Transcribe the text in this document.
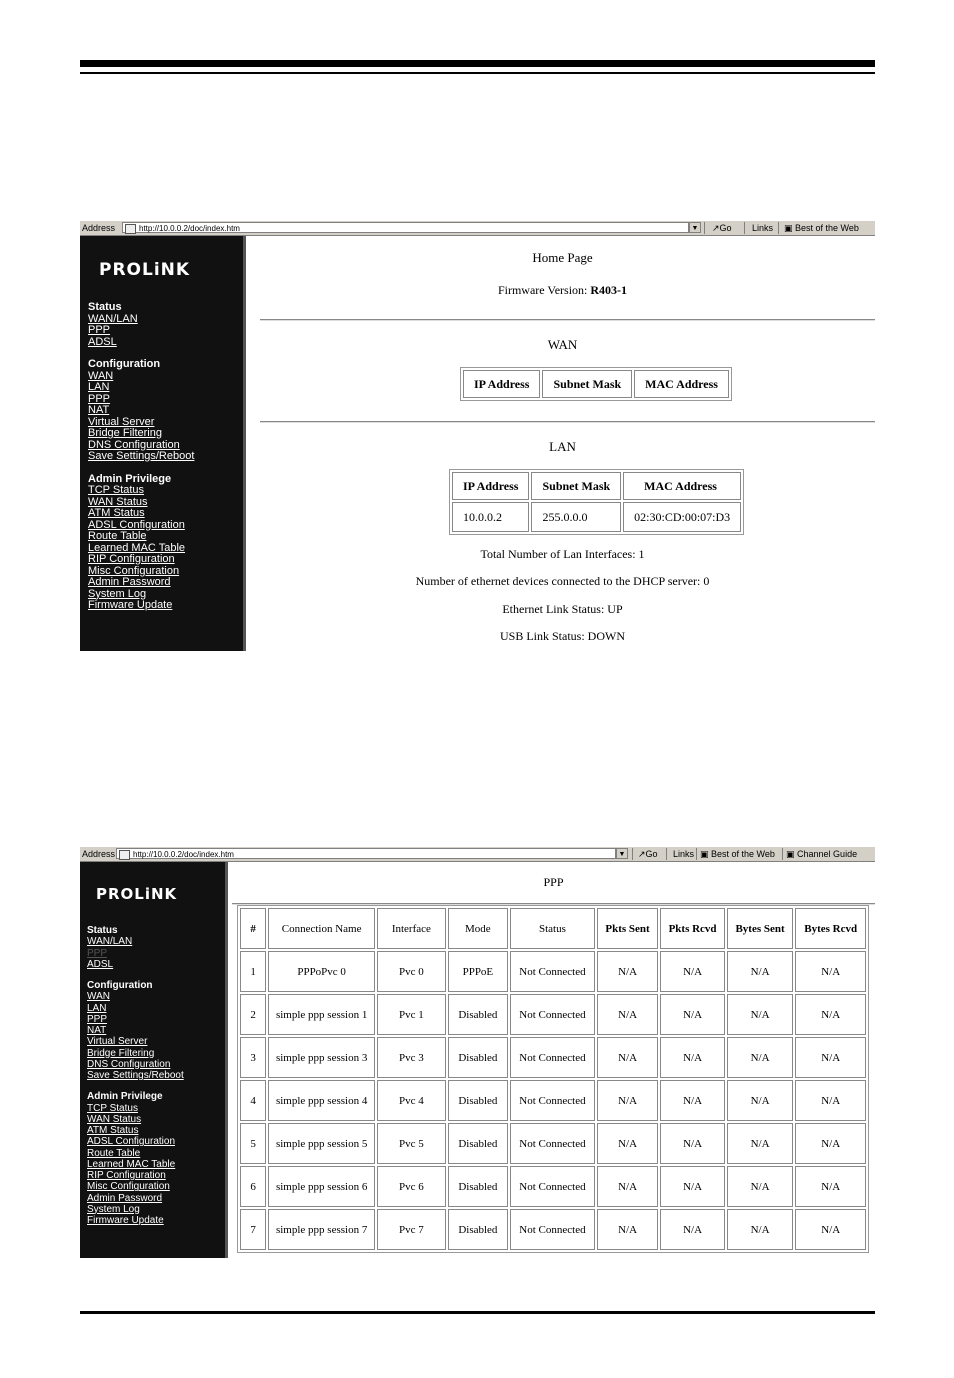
Address	http://10.0.0.2/doc/index.htm	▼ ↗Go Links ▣ Best of the Web
PROLiNK
Status
WAN/LAN
PPP
ADSL
Configuration
WAN
LAN
PPP
NAT
Virtual Server
Bridge Filtering
DNS Configuration
Save Settings/Reboot
Admin Privilege
TCP Status
WAN Status
ATM Status
ADSL Configuration
Route Table
Learned MAC Table
RIP Configuration
Misc Configuration
Admin Password
System Log
Firmware Update
Home Page
Firmware Version: R403-1
WAN
IP Address	Subnet Mask	MAC Address
LAN
IP Address	Subnet Mask	MAC Address
10.0.0.2	255.0.0.0	02:30:CD:00:07:D3
Total Number of Lan Interfaces: 1
Number of ethernet devices connected to the DHCP server: 0
Ethernet Link Status: UP
USB Link Status: DOWN
Address	http://10.0.0.2/doc/index.htm	▼ ↗Go Links ▣ Best of the Web ▣ Channel Guide
PROLiNK
Status
WAN/LAN
PPP
ADSL
Configuration
WAN
LAN
PPP
NAT
Virtual Server
Bridge Filtering
DNS Configuration
Save Settings/Reboot
Admin Privilege
TCP Status
WAN Status
ATM Status
ADSL Configuration
Route Table
Learned MAC Table
RIP Configuration
Misc Configuration
Admin Password
System Log
Firmware Update
PPP
#	Connection Name	Interface	Mode	Status	Pkts Sent	Pkts Rcvd	Bytes Sent	Bytes Rcvd
1	PPPoPvc 0	Pvc 0	PPPoE	Not Connected	N/A	N/A	N/A	N/A
2	simple ppp session 1	Pvc 1	Disabled	Not Connected	N/A	N/A	N/A	N/A
3	simple ppp session 3	Pvc 3	Disabled	Not Connected	N/A	N/A	N/A	N/A
4	simple ppp session 4	Pvc 4	Disabled	Not Connected	N/A	N/A	N/A	N/A
5	simple ppp session 5	Pvc 5	Disabled	Not Connected	N/A	N/A	N/A	N/A
6	simple ppp session 6	Pvc 6	Disabled	Not Connected	N/A	N/A	N/A	N/A
7	simple ppp session 7	Pvc 7	Disabled	Not Connected	N/A	N/A	N/A	N/A
